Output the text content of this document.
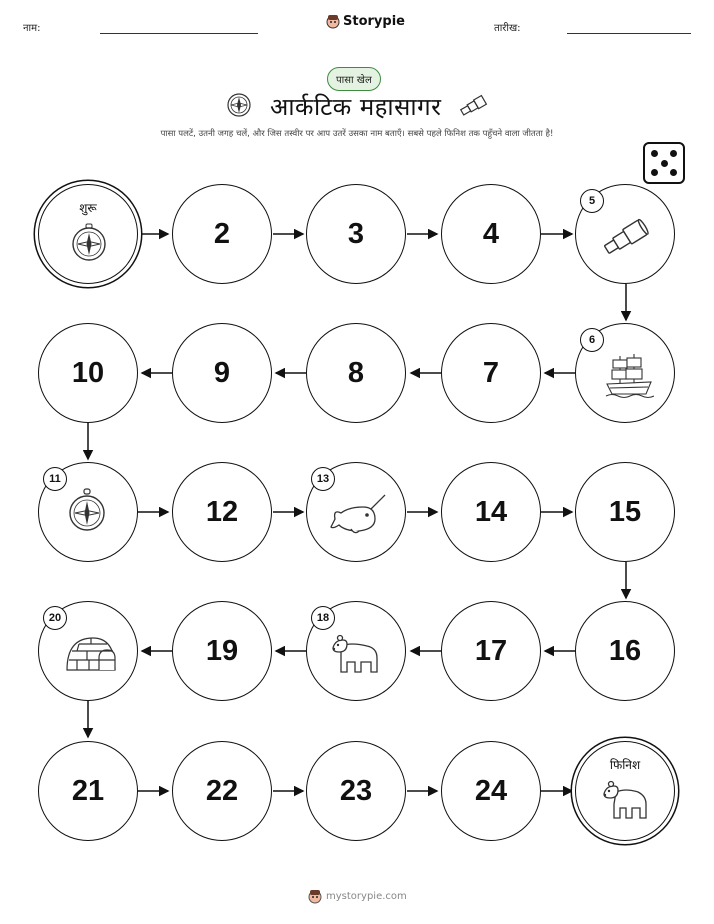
नाम:	Storypie	तारीख:
पासा खेल
आर्कटिक महासागर
पासा पलटें, उतनी जगह चलें, और जिस तस्वीर पर आप उतरें उसका नाम बताएँ। सबसे पहले फिनिश तक पहुँचने वाला जीतता है!
शुरू
2	3	4
5
10	9	8	7
6
11
12
13
14	15
20
19
18
17	16
21	22	23	24
फिनिश
mystorypie.com
